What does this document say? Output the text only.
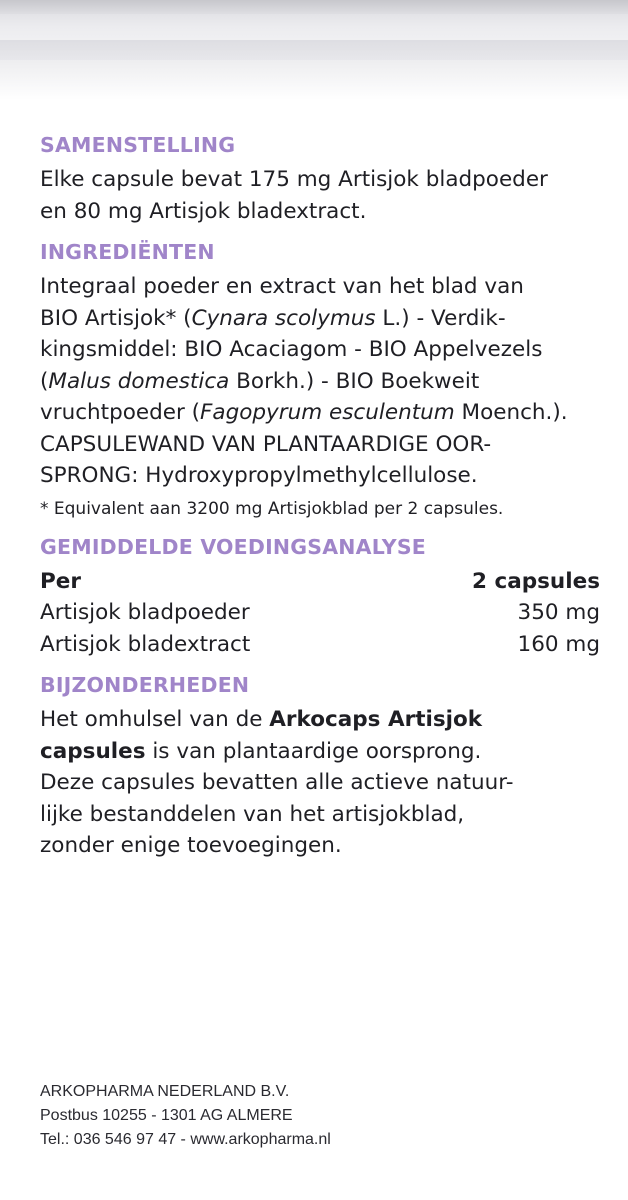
SAMENSTELLING

Elke capsule bevat 175 mg Artisjok bladpoeder
en 80 mg Artisjok bladextract.

INGREDIËNTEN

Integraal poeder en extract van het blad van
BIO Artisjok* (Cynara scolymus L.) - Verdik-
kingsmiddel: BIO Acaciagom - BIO Appelvezels
(Malus domestica Borkh.) - BIO Boekweit
vruchtpoeder (Fagopyrum esculentum Moench.).
CAPSULEWAND VAN PLANTAARDIGE OOR-
SPRONG: Hydroxypropylmethylcellulose.

* Equivalent aan 3200 mg Artisjokblad per 2 capsules.
GEMIDDELDE VOEDINGSANALYSE
Per	2 capsules
Artisjok bladpoeder	350 mg
Artisjok bladextract	160 mg
BIJZONDERHEDEN

Het omhulsel van de Arkocaps Artisjok
capsules is van plantaardige oorsprong.
Deze capsules bevatten alle actieve natuur-
lijke bestanddelen van het artisjokblad,
zonder enige toevoegingen.

ARKOPHARMA NEDERLAND B.V.
Postbus 10255 - 1301 AG ALMERE
Tel.: 036 546 97 47 - www.arkopharma.nl
